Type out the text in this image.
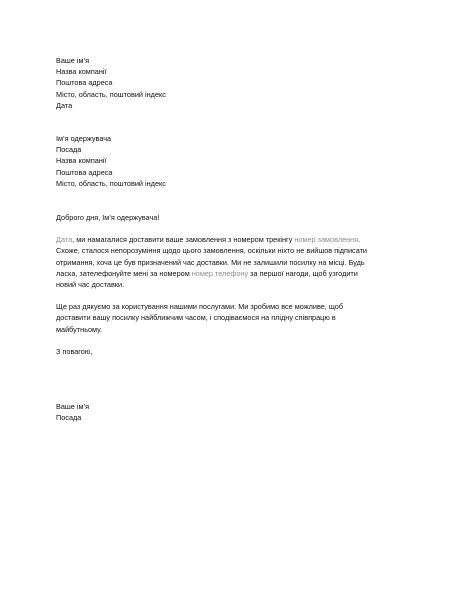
Ваше ім’я
Назва компанії
Поштова адреса
Місто, область, поштовий індекс
Дата
Ім’я одержувача
Посада
Назва компанії
Поштова адреса
Місто, область, поштовий індекс
Доброго дня, Ім’я одержувача!
Дата, ми намагалися доставити ваше замовлення з номером трекінгу номер замовлення.
Схоже, сталося непорозуміння щодо цього замовлення, оскільки ніхто не вийшов підписати
отримання, хоча це був призначений час доставки. Ми не залишили посилку на місці. Будь
ласка, зателефонуйте мені за номером номер телефону за першої нагоди, щоб узгодити
новий час доставки.
Ще раз дякуємо за користування нашими послугами. Ми зробимо все можливе, щоб
доставити вашу посилку найближчим часом, і сподіваємося на плідну співпрацю в
майбутньому.
З повагою,
Ваше ім’я
Посада
